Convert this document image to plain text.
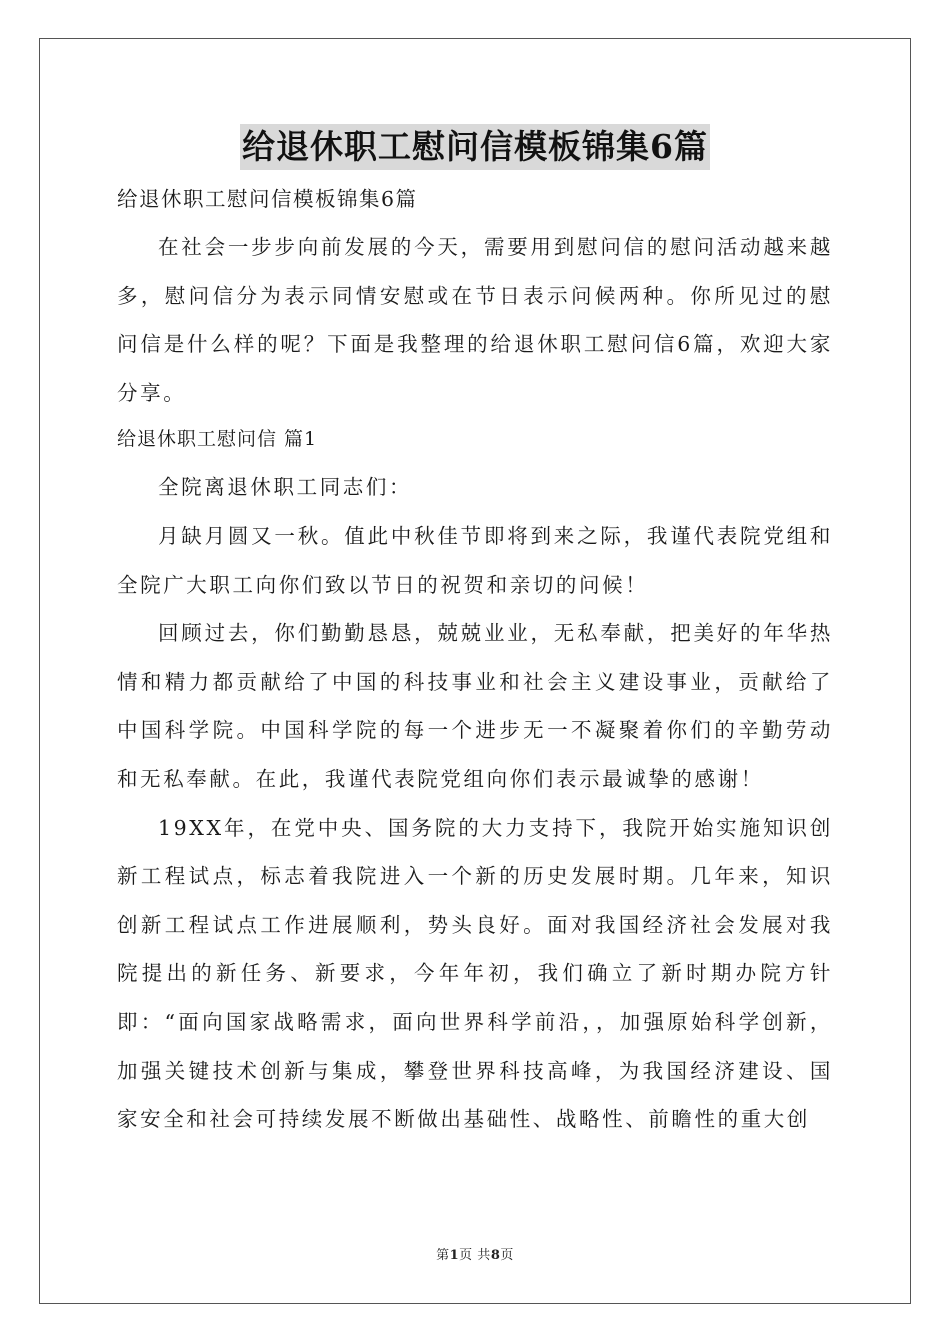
给退休职工慰问信模板锦集6篇
给退休职工慰问信模板锦集6篇

在社会一步步向前发展的今天，需要用到慰问信的慰问活动越来越多，慰问信分为表示同情安慰或在节日表示问候两种。你所见过的慰问信是什么样的呢？下面是我整理的给退休职工慰问信6篇，欢迎大家分享。

给退休职工慰问信 篇1

全院离退休职工同志们：

月缺月圆又一秋。值此中秋佳节即将到来之际，我谨代表院党组和全院广大职工向你们致以节日的祝贺和亲切的问候！

回顾过去，你们勤勤恳恳，兢兢业业，无私奉献，把美好的年华热情和精力都贡献给了中国的科技事业和社会主义建设事业，贡献给了中国科学院。中国科学院的每一个进步无一不凝聚着你们的辛勤劳动和无私奉献。在此，我谨代表院党组向你们表示最诚挚的感谢！

19XX年，在党中央、国务院的大力支持下，我院开始实施知识创新工程试点，标志着我院进入一个新的历史发展时期。几年来，知识创新工程试点工作进展顺利，势头良好。面对我国经济社会发展对我院提出的新任务、新要求，今年年初，我们确立了新时期办院方针即：“面向国家战略需求，面向世界科学前沿，，加强原始科学创新，加强关键技术创新与集成，攀登世界科技高峰，为我国经济建设、国家安全和社会可持续发展不断做出基础性、战略性、前瞻性的重大创

第1页 共8页
